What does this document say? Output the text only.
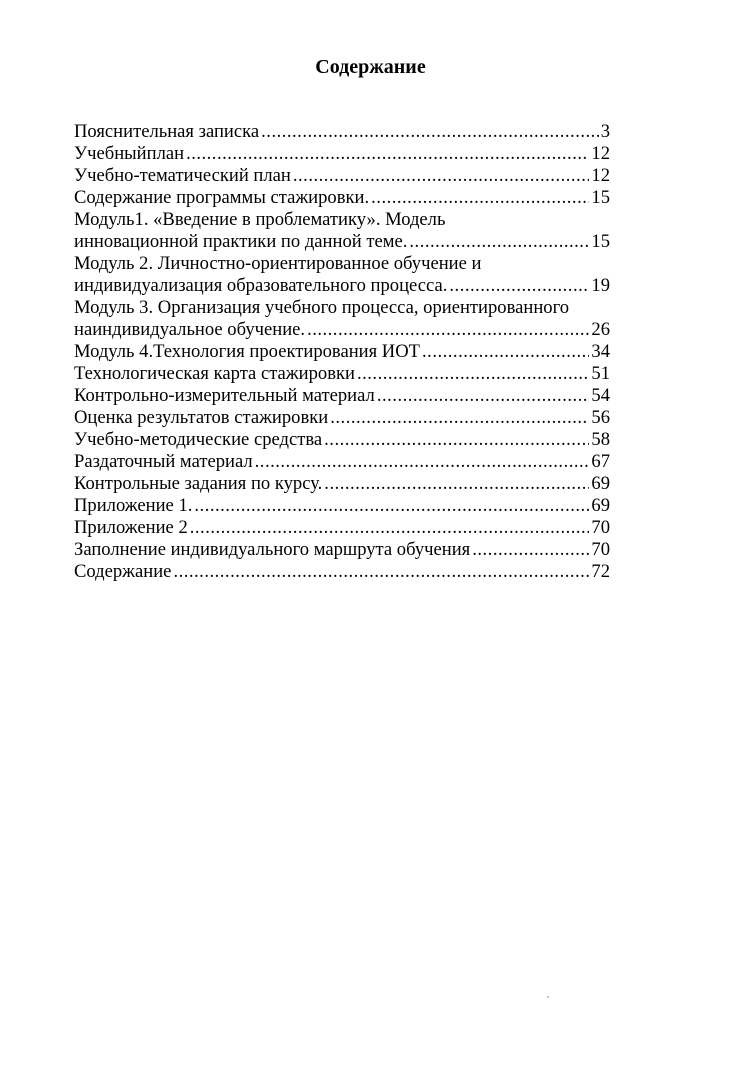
Содержание
Пояснительная записка .....	3
Учебныйплан .....	12
Учебно-тематический план .....	12
Содержание программы стажировки. .....	15
Модуль1. «Введение в проблематику». Модель
инновационной практики по данной теме. .....	15
Модуль 2. Личностно-ориентированное обучение и
индивидуализация образовательного процесса. .....	19
Модуль 3. Организация учебного процесса, ориентированного
наиндивидуальное обучение. .....	26
Модуль 4.Технология проектирования ИОТ .....	34
Технологическая карта стажировки .....	51
Контрольно-измерительный материал .....	54
Оценка результатов стажировки .....	56
Учебно-методические средства .....	58
Раздаточный материал .....	67
Контрольные задания по курсу. .....	69
Приложение 1. .....	69
Приложение 2 .....	70
Заполнение индивидуального маршрута обучения .....	70
Содержание .....	72
